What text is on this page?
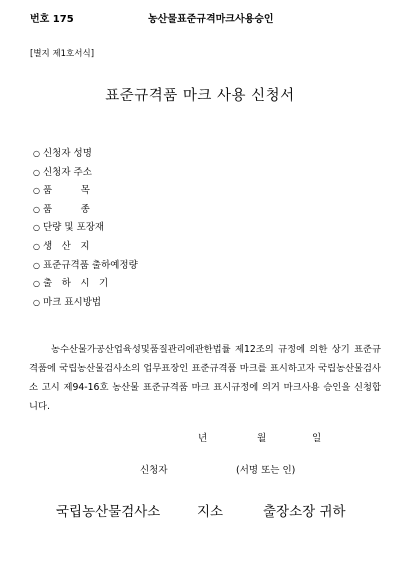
번호 175	농산물표준규격마크사용승인
[별지 제1호서식]
표준규격품 마크 사용 신청서
○ 신청자 성명
○ 신청자 주소
○ 품　　　목
○ 품　　　종
○ 단량 및 포장재
○ 생　산　지
○ 표준규격품 출하예정량
○ 출　하　시　기
○ 마크 표시방법

농수산물가공산업육성및품질관리에관한법률 제12조의 규정에 의한 상기 표준규격품에 국립농산물검사소의 업무표장인 표준규격품 마크를 표시하고자 국립농산물검사소 고시 제94-16호 농산물 표준규격품 마크 표시규정에 의거 마크사용 승인을 신청합니다.

년	월	일
신청자	(서명 또는 인)
국립농산물검사소	지소	출장소장 귀하
